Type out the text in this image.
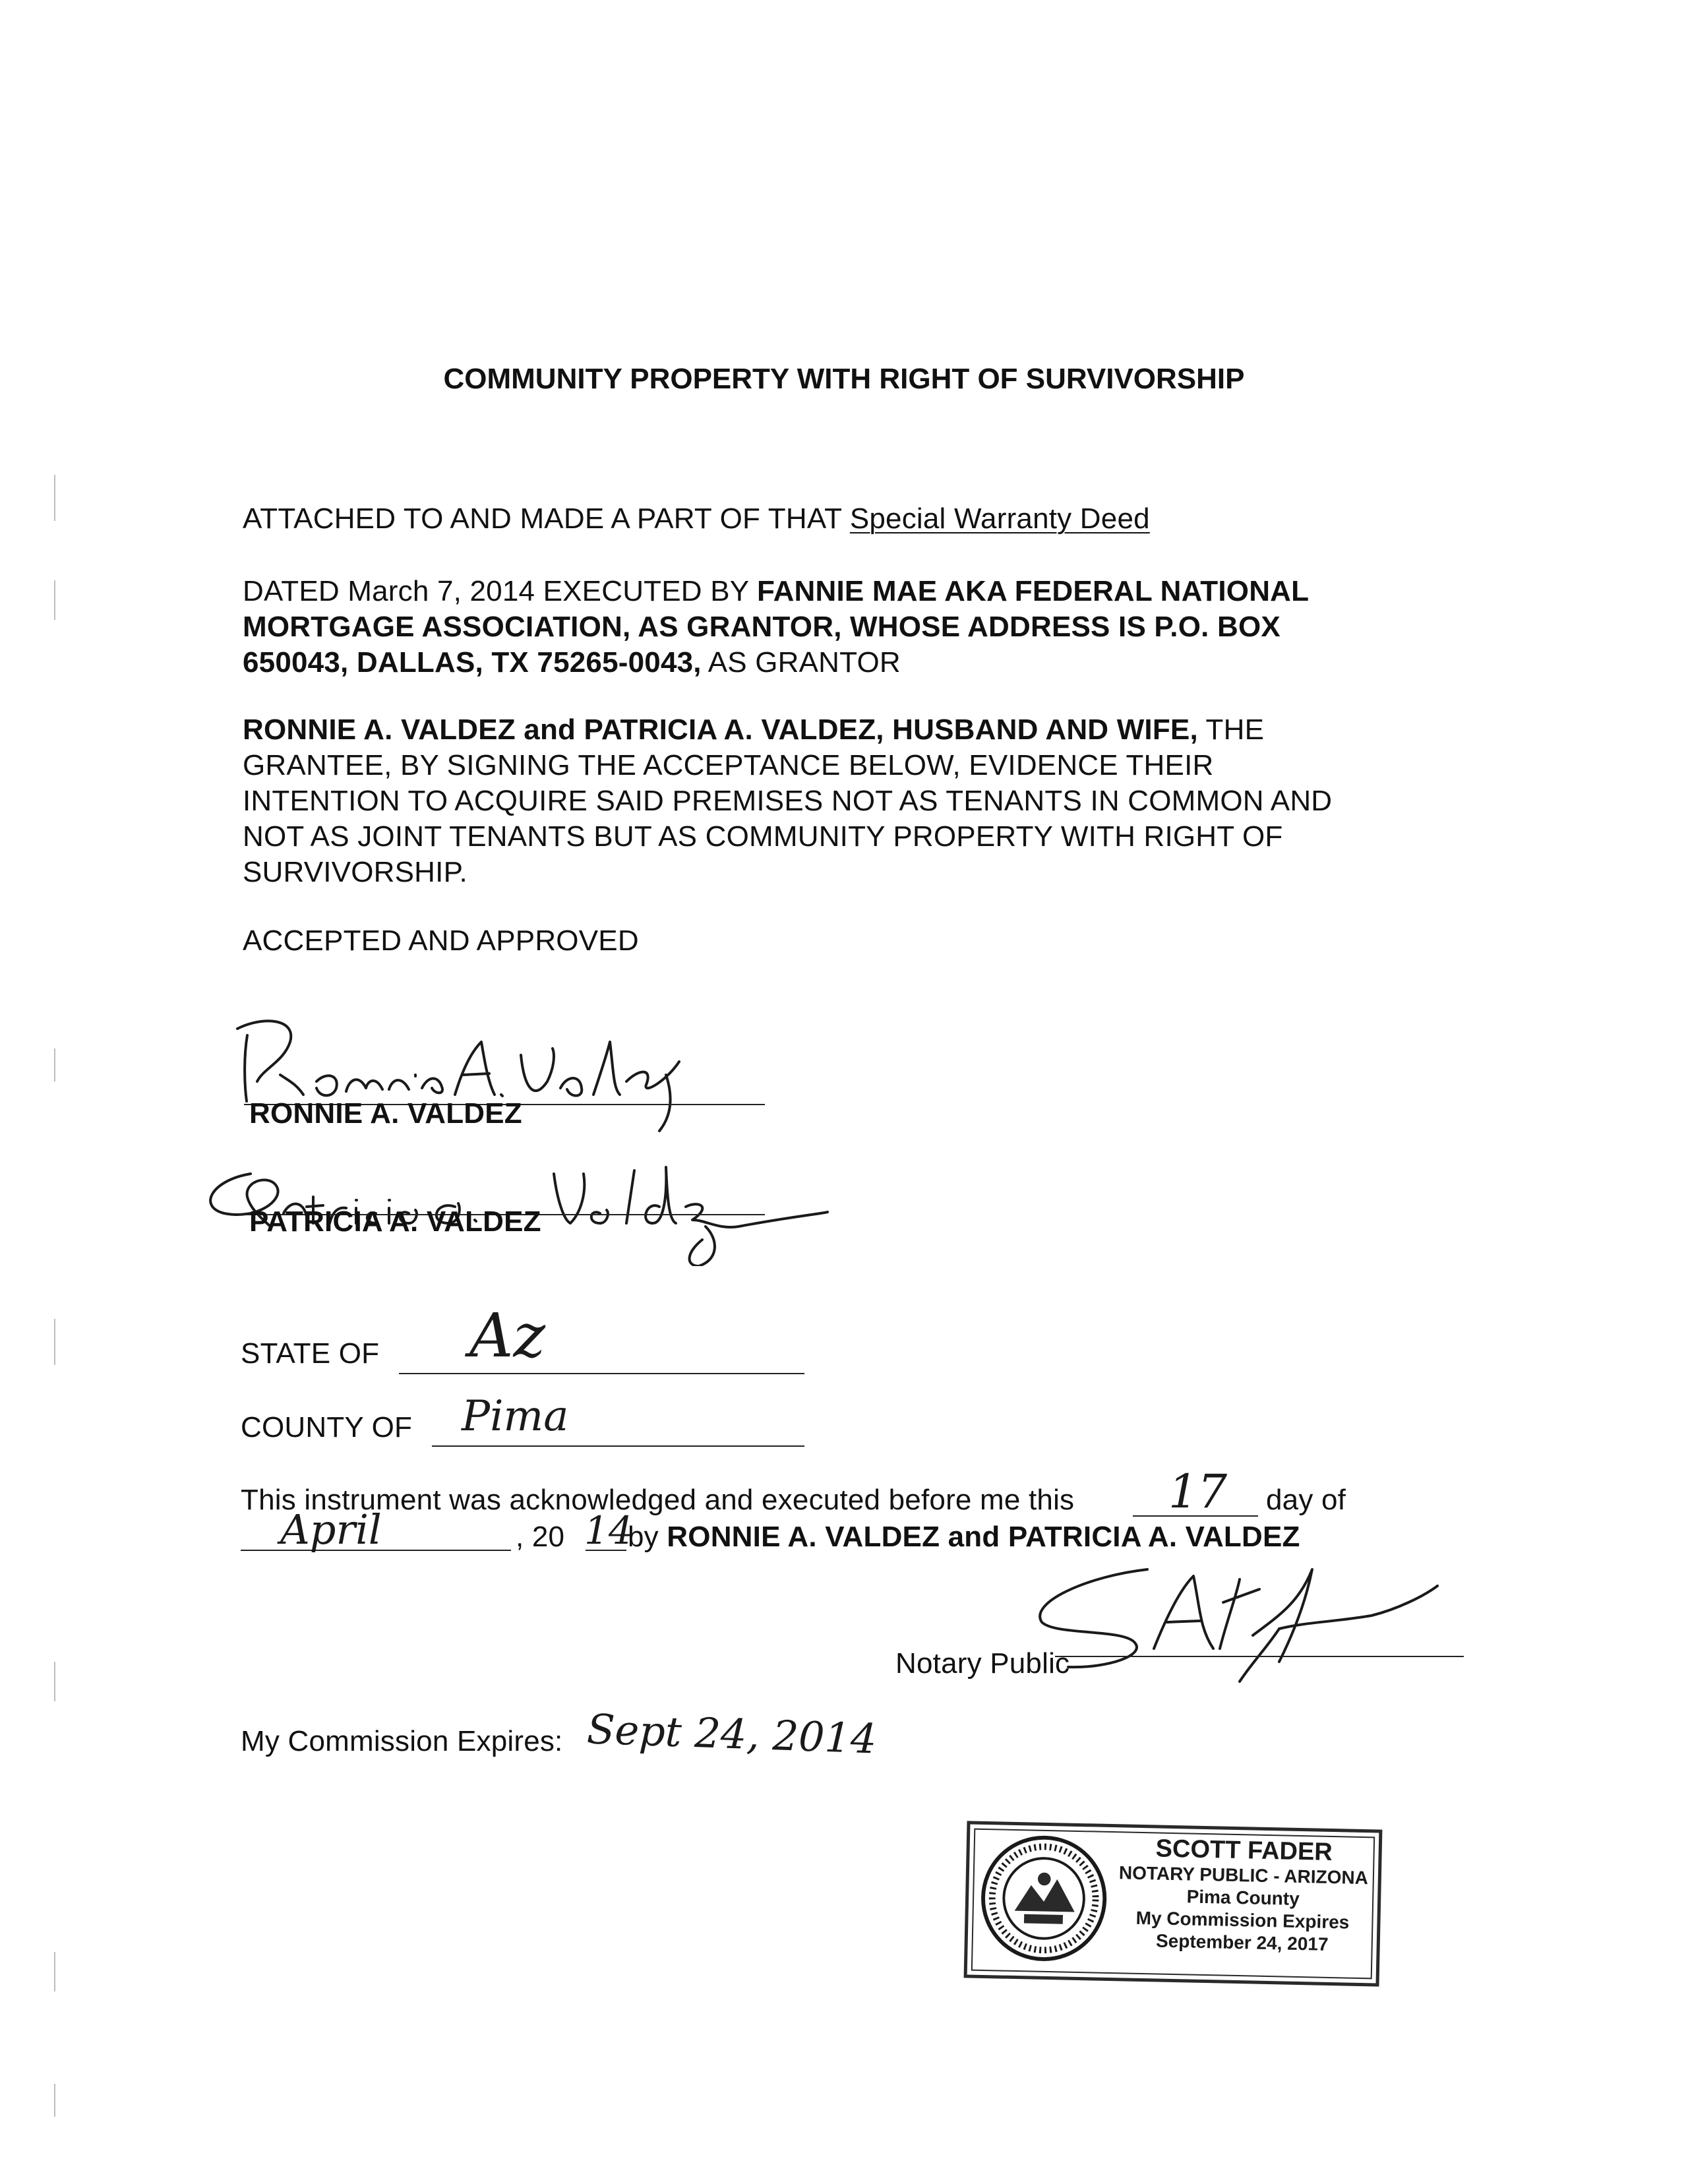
COMMUNITY PROPERTY WITH RIGHT OF SURVIVORSHIP
ATTACHED TO AND MADE A PART OF THAT Special Warranty Deed
DATED March 7, 2014 EXECUTED BY FANNIE MAE AKA FEDERAL NATIONAL
MORTGAGE ASSOCIATION, AS GRANTOR, WHOSE ADDRESS IS P.O. BOX
650043, DALLAS, TX 75265-0043, AS GRANTOR
RONNIE A. VALDEZ and PATRICIA A. VALDEZ, HUSBAND AND WIFE, THE
GRANTEE, BY SIGNING THE ACCEPTANCE BELOW, EVIDENCE THEIR
INTENTION TO ACQUIRE SAID PREMISES NOT AS TENANTS IN COMMON AND
NOT AS JOINT TENANTS BUT AS COMMUNITY PROPERTY WITH RIGHT OF
SURVIVORSHIP.
ACCEPTED AND APPROVED
RONNIE A. VALDEZ
PATRICIA A. VALDEZ
STATE OF Az
COUNTY OF Pima
This instrument was acknowledged and executed before me this 17 day of
April	, 20 14
by RONNIE A. VALDEZ and PATRICIA A. VALDEZ
Notary Public
My Commission Expires: Sept 24, 2014
SCOTT FADER
NOTARY PUBLIC - ARIZONA
Pima County
My Commission Expires
September 24, 2017
